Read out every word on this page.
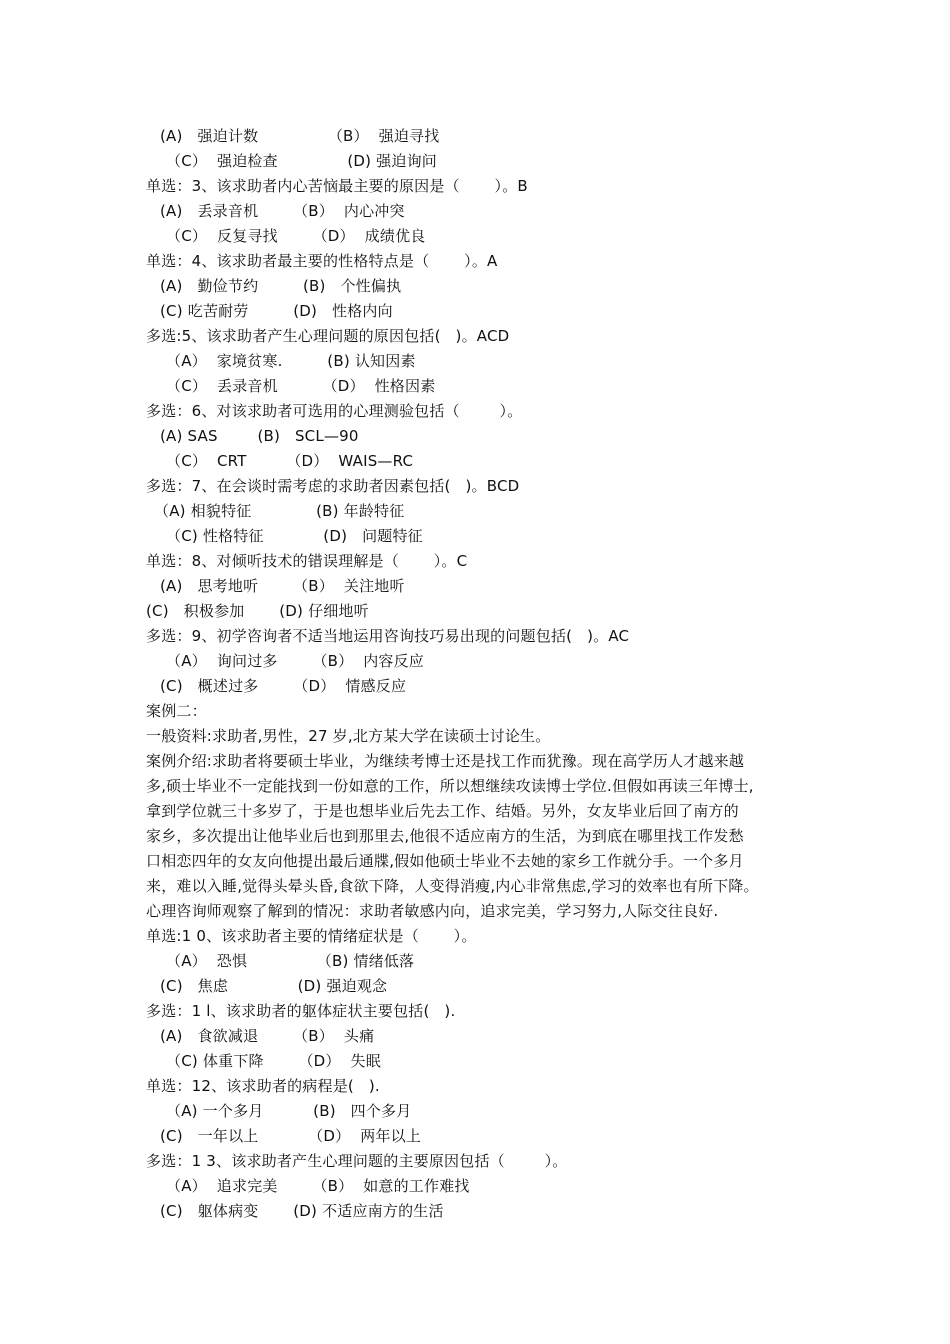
(A)   强迫计数              （B）  强迫寻找
（C）  强迫检查              (D) 强迫询问
单选：3、该求助者内心苦恼最主要的原因是（       ）。B
(A)   丢录音机       （B）  内心冲突
（C）  反复寻找       （D）  成绩优良
单选：4、该求助者最主要的性格特点是（       ）。A
(A)   勤俭节约         (B)   个性偏执
(C) 吃苦耐劳         (D)   性格内向
多选:5、该求助者产生心理问题的原因包括(   )。ACD
（A）  家境贫寒.         (B) 认知因素
（C）  丢录音机         （D）  性格因素
多选：6、对该求助者可选用的心理测验包括（        ）。
(A) SAS        (B)   SCL—90
（C）  CRT        （D）  WAIS—RC
多选：7、在会谈时需考虑的求助者因素包括(   )。BCD
（A) 相貌特征             (B) 年龄特征
（C) 性格特征            (D)   问题特征
单选：8、对倾听技术的错误理解是（       ）。C
(A)   思考地听       （B）  关注地听
(C)   积极参加       (D) 仔细地听
多选：9、初学咨询者不适当地运用咨询技巧易出现的问题包括(   )。AC
（A）  询问过多       （B）  内容反应
(C)   概述过多       （D）  情感反应
案例二：
一般资料:求助者,男性，27 岁,北方某大学在读硕士讨论生。
案例介绍:求助者将要硕士毕业，为继续考博士还是找工作而犹豫。现在高学历人才越来越
多,硕士毕业不一定能找到一份如意的工作，所以想继续攻读博士学位.但假如再读三年博士,
拿到学位就三十多岁了，于是也想毕业后先去工作、结婚。另外，女友毕业后回了南方的
家乡，多次提出让他毕业后也到那里去,他很不适应南方的生活，为到底在哪里找工作发愁
口相恋四年的女友向他提出最后通牒,假如他硕士毕业不去她的家乡工作就分手。一个多月
来，难以入睡,觉得头晕头昏,食欲下降，人变得消瘦,内心非常焦虑,学习的效率也有所下降。
心理咨询师观察了解到的情况：求助者敏感内向，追求完美，学习努力,人际交往良好.
单选:1 0、该求助者主要的情绪症状是（       ）。
（A）  恐惧              （B) 情绪低落
(C)   焦虑              (D) 强迫观念
多选：1 l、该求助者的躯体症状主要包括(   ).
(A)   食欲减退       （B）  头痛
（C) 体重下降       （D）  失眠
单选：12、该求助者的病程是(   ).
（A) 一个多月          (B)   四个多月
(C)   一年以上          （D）  两年以上
多选：1 3、该求助者产生心理问题的主要原因包括（        ）。
（A）  追求完美       （B）  如意的工作难找
(C)   躯体病变       (D) 不适应南方的生活
